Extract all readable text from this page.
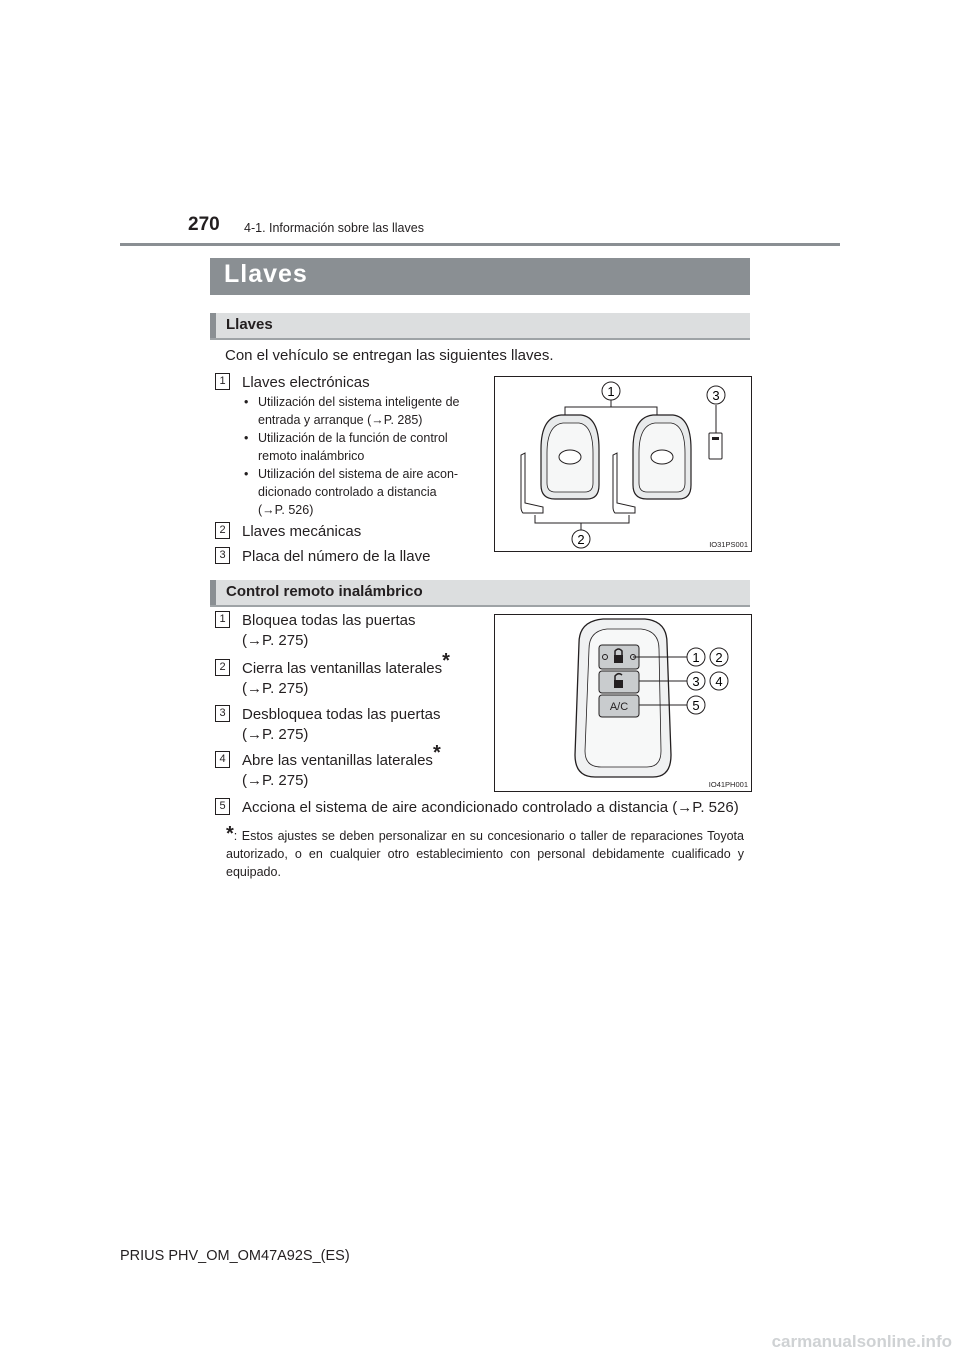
270 4-1. Información sobre las llaves
Llaves
Llaves
Con el vehículo se entregan las siguientes llaves.
1 Llaves electrónicas
• Utilización del sistema inteligente de
entrada y arranque (→P. 285)
• Utilización de la función de control
remoto inalámbrico
• Utilización del sistema de aire acon-
dicionado controlado a distancia
(→P. 526)
2 Llaves mecánicas
3 Placa del número de la llave
1	3
2	IO31PS001
Control remoto inalámbrico
1 Bloquea todas las puertas
(→P. 275)
2 Cierra las ventanillas laterales*
(→P. 275)
3 Desbloquea todas las puertas
(→P. 275)
4 Abre las ventanillas laterales*
(→P. 275)
5 Acciona el sistema de aire acondicionado controlado a distancia (→P. 526)
A/C
1 2
3 4
5
IO41PH001
*: Estos ajustes se deben personalizar en su concesionario o taller de reparaciones Toyota autorizado, o en cualquier otro establecimiento con personal debidamente cualificado y equipado.
PRIUS PHV_OM_OM47A92S_(ES)
carmanualsonline.info
